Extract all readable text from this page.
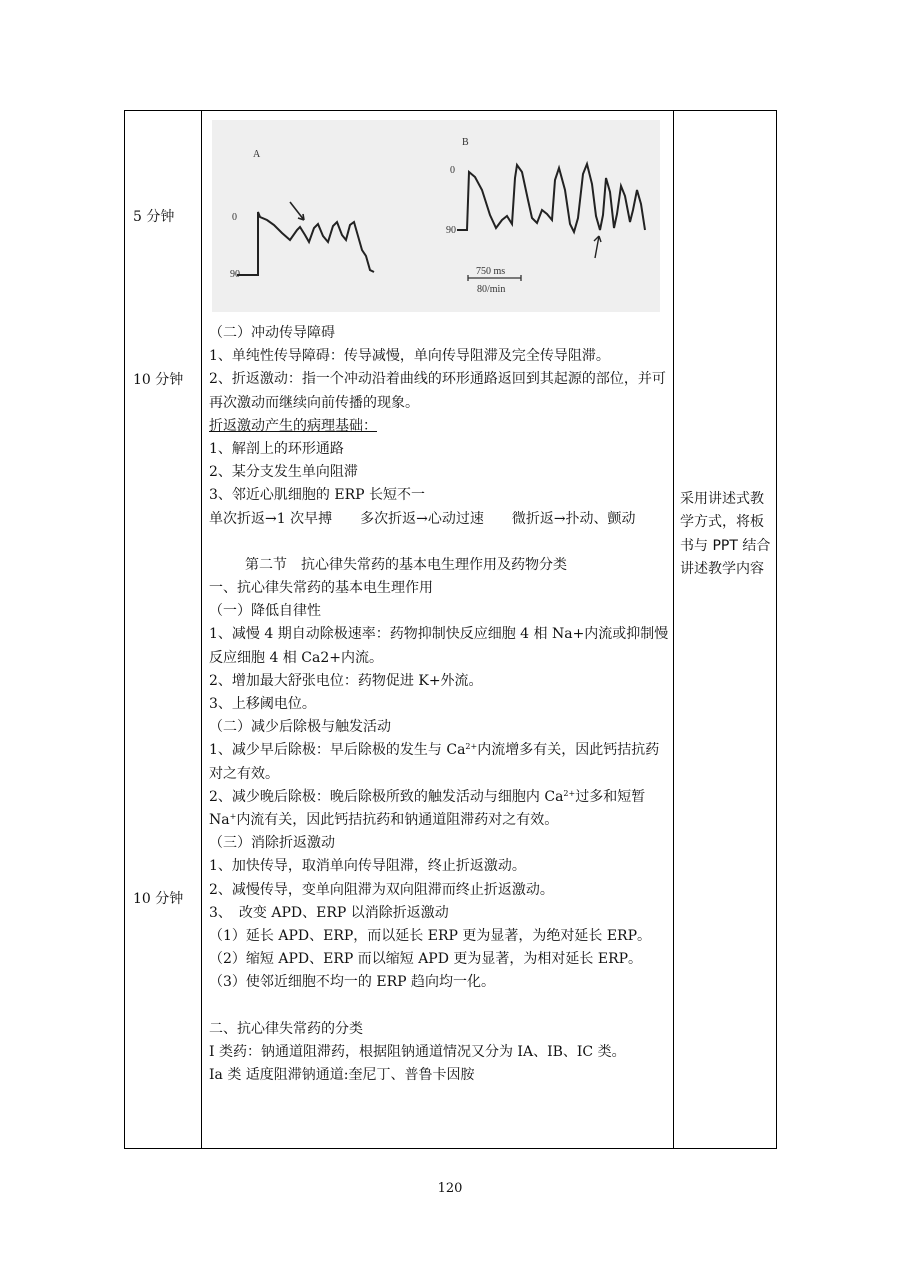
5 分钟
10 分钟
10 分钟
A
0
90
B
0
90
750 ms
80/min
（二）冲动传导障碍
1、单纯性传导障碍：传导减慢，单向传导阻滞及完全传导阻滞。
2、折返激动：指一个冲动沿着曲线的环形通路返回到其起源的部位，并可再次激动而继续向前传播的现象。
折返激动产生的病理基础：
1、解剖上的环形通路
2、某分支发生单向阻滞
3、邻近心肌细胞的 ERP 长短不一
单次折返→1 次早搏　　多次折返→心动过速　　微折返→扑动、颤动
第二节　抗心律失常药的基本电生理作用及药物分类
一、抗心律失常药的基本电生理作用
（一）降低自律性
1、减慢 4 期自动除极速率：药物抑制快反应细胞 4 相 Na+内流或抑制慢反应细胞 4 相 Ca2+内流。
2、增加最大舒张电位：药物促进 K+外流。
3、上移阈电位。
（二）减少后除极与触发活动
1、减少早后除极：早后除极的发生与 $Ca^{2+}$内流增多有关，因此钙拮抗药对之有效。
2、减少晚后除极：晚后除极所致的触发活动与细胞内 $Ca^{2+}$过多和短暂 Na+内流有关，因此钙拮抗药和钠通道阻滞药对之有效。
（三）消除折返激动
1、加快传导，取消单向传导阻滞，终止折返激动。
2、减慢传导，变单向阻滞为双向阻滞而终止折返激动。
3、　改变 APD、ERP 以消除折返激动
（1）延长 APD、ERP，而以延长 ERP 更为显著，为绝对延长 ERP。
（2）缩短 APD、ERP 而以缩短 APD 更为显著，为相对延长 ERP。
（3）使邻近细胞不均一的 ERP 趋向均一化。
二、抗心律失常药的分类
I 类药：钠通道阻滞药，根据阻钠通道情况又分为 IA、IB、IC 类。
Ⅰa 类 适度阻滞钠通道:奎尼丁、普鲁卡因胺
采用讲述式教学方式，将板书与 PPT 结合讲述教学内容
120
